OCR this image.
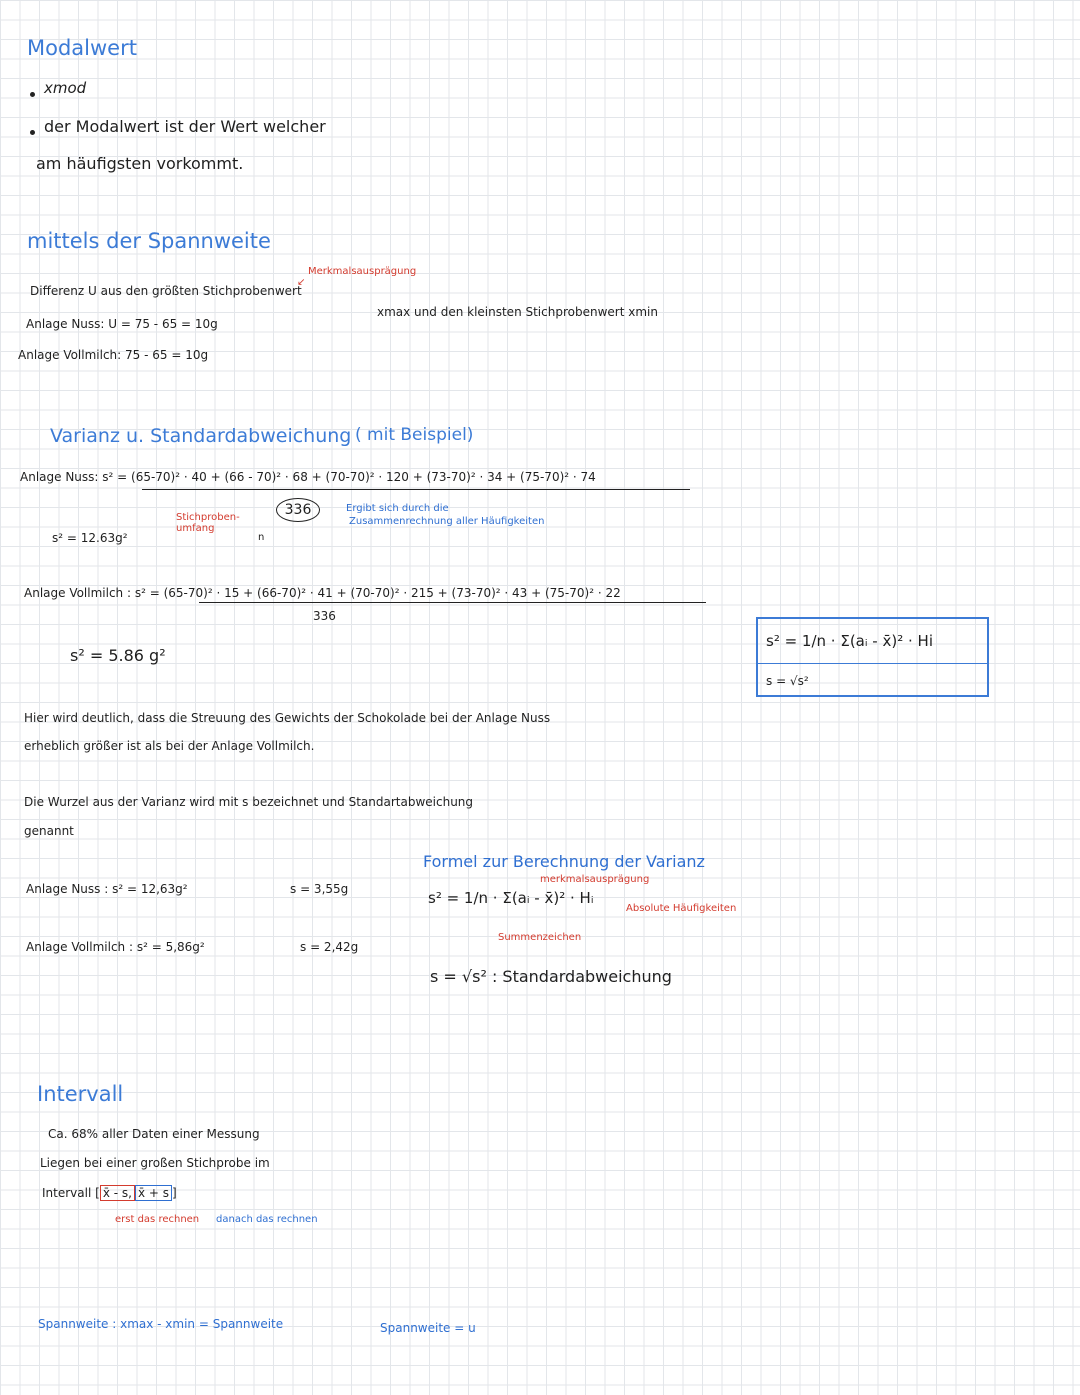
Modalwert
xmod
der Modalwert ist der Wert welcher
am häufigsten vorkommt.
mittels der Spannweite
Merkmalsausprägung
↙
Differenz U aus den größten Stichprobenwert
xmax und den kleinsten Stichprobenwert xmin
Anlage Nuss: U = 75 - 65 = 10g
Anlage Vollmilch: 75 - 65 = 10g
Varianz u. Standardabweichung ( mit Beispiel)
Anlage Nuss: s² = (65-70)² · 40 + (66 - 70)² · 68 + (70-70)² · 120 + (73-70)² · 34 + (75-70)² · 74
336
Stichproben-
umfang
n
Ergibt sich durch die
Zusammenrechnung aller Häufigkeiten
s² = 12.63g²
Anlage Vollmilch : s² = (65-70)² · 15 + (66-70)² · 41 + (70-70)² · 215 + (73-70)² · 43 + (75-70)² · 22
336
s² = 5.86 g²
s² = 1/n · Σ(aᵢ - x̄)² · Hi
s = √s²
Hier wird deutlich, dass die Streuung des Gewichts der Schokolade bei der Anlage Nuss
erheblich größer ist als bei der Anlage Vollmilch.
Die Wurzel aus der Varianz wird mit s bezeichnet und Standartabweichung
genannt
Anlage Nuss : s² = 12,63g²	s = 3,55g
Anlage Vollmilch : s² = 5,86g²	s = 2,42g
Formel zur Berechnung der Varianz
merkmalsausprägung
s² = 1/n · Σ(aᵢ - x̄)² · Hᵢ
Absolute Häufigkeiten
Summenzeichen
s = √s² : Standardabweichung
Intervall
Ca. 68% aller Daten einer Messung
Liegen bei einer großen Stichprobe im
Intervall [ x̄ - s, x̄ + s ]
erst das rechnen danach das rechnen
Spannweite : xmax - xmin = Spannweite	Spannweite = u
